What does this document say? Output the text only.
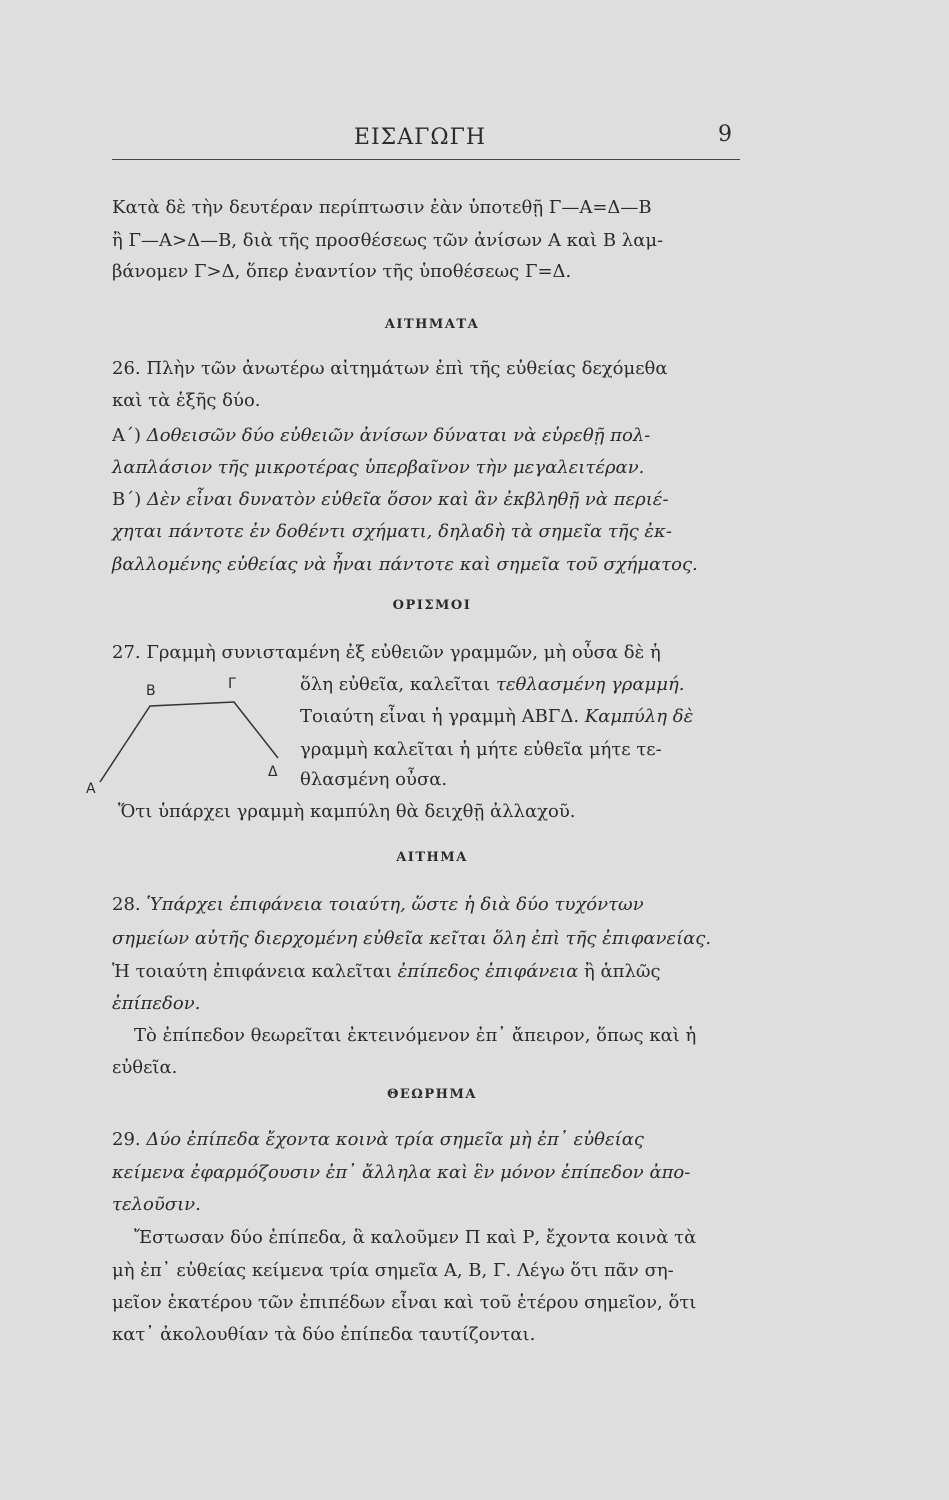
ΕΙΣΑΓΩΓΗ	9
Κατὰ δὲ τὴν δευτέραν περίπτωσιν ἐὰν ὑποτεθῇ Γ—Α=Δ—Β
ἢ Γ—Α>Δ—Β, διὰ τῆς προσθέσεως τῶν ἀνίσων Α καὶ Β λαμ-
βάνομεν Γ>Δ, ὅπερ ἐναντίον τῆς ὑποθέσεως Γ=Δ.
ΑΙΤΗΜΑΤΑ
26. Πλὴν τῶν ἀνωτέρω αἰτημάτων ἐπὶ τῆς εὐθείας δεχόμεθα
καὶ τὰ ἑξῆς δύο.
Α΄) Δοθεισῶν δύο εὐθειῶν ἀνίσων δύναται νὰ εὑρεθῇ πολ-
λαπλάσιον τῆς μικροτέρας ὑπερβαῖνον τὴν μεγαλειτέραν.
Β΄) Δὲν εἶναι δυνατὸν εὐθεῖα ὅσον καὶ ἂν ἐκβληθῇ νὰ περιέ-
χηται πάντοτε ἐν δοθέντι σχήματι, δηλαδὴ τὰ σημεῖα τῆς ἐκ-
βαλλομένης εὐθείας νὰ ἦναι πάντοτε καὶ σημεῖα τοῦ σχήματος.
ΟΡΙΣΜΟΙ
27. Γραμμὴ συνισταμένη ἐξ εὐθειῶν γραμμῶν, μὴ οὖσα δὲ ἡ
Α
Β	Γ
Δ
ὅλη εὐθεῖα, καλεῖται τεθλασμένη γραμμή.
Τοιαύτη εἶναι ἡ γραμμὴ ΑΒΓΔ. Καμπύλη δὲ
γραμμὴ καλεῖται ἡ μήτε εὐθεῖα μήτε τε-
θλασμένη οὖσα.
Ὅτι ὑπάρχει γραμμὴ καμπύλη θὰ δειχθῇ ἀλλαχοῦ.
ΑΙΤΗΜΑ
28. Ὑπάρχει ἐπιφάνεια τοιαύτη, ὥστε ἡ διὰ δύο τυχόντων
σημείων αὐτῆς διερχομένη εὐθεῖα κεῖται ὅλη ἐπὶ τῆς ἐπιφανείας.
Ἡ τοιαύτη ἐπιφάνεια καλεῖται ἐπίπεδος ἐπιφάνεια ἢ ἁπλῶς
ἐπίπεδον.
Τὸ ἐπίπεδον θεωρεῖται ἐκτεινόμενον ἐπ᾽ ἄπειρον, ὅπως καὶ ἡ
εὐθεῖα.
ΘΕΩΡΗΜΑ
29. Δύο ἐπίπεδα ἔχοντα κοινὰ τρία σημεῖα μὴ ἐπ᾽ εὐθείας
κείμενα ἐφαρμόζουσιν ἐπ᾽ ἄλληλα καὶ ἓν μόνον ἐπίπεδον ἀπο-
τελοῦσιν.
Ἔστωσαν δύο ἐπίπεδα, ἃ καλοῦμεν Π καὶ Ρ, ἔχοντα κοινὰ τὰ
μὴ ἐπ᾽ εὐθείας κείμενα τρία σημεῖα Α, Β, Γ. Λέγω ὅτι πᾶν ση-
μεῖον ἑκατέρου τῶν ἐπιπέδων εἶναι καὶ τοῦ ἑτέρου σημεῖον, ὅτι
κατ᾽ ἀκολουθίαν τὰ δύο ἐπίπεδα ταυτίζονται.
